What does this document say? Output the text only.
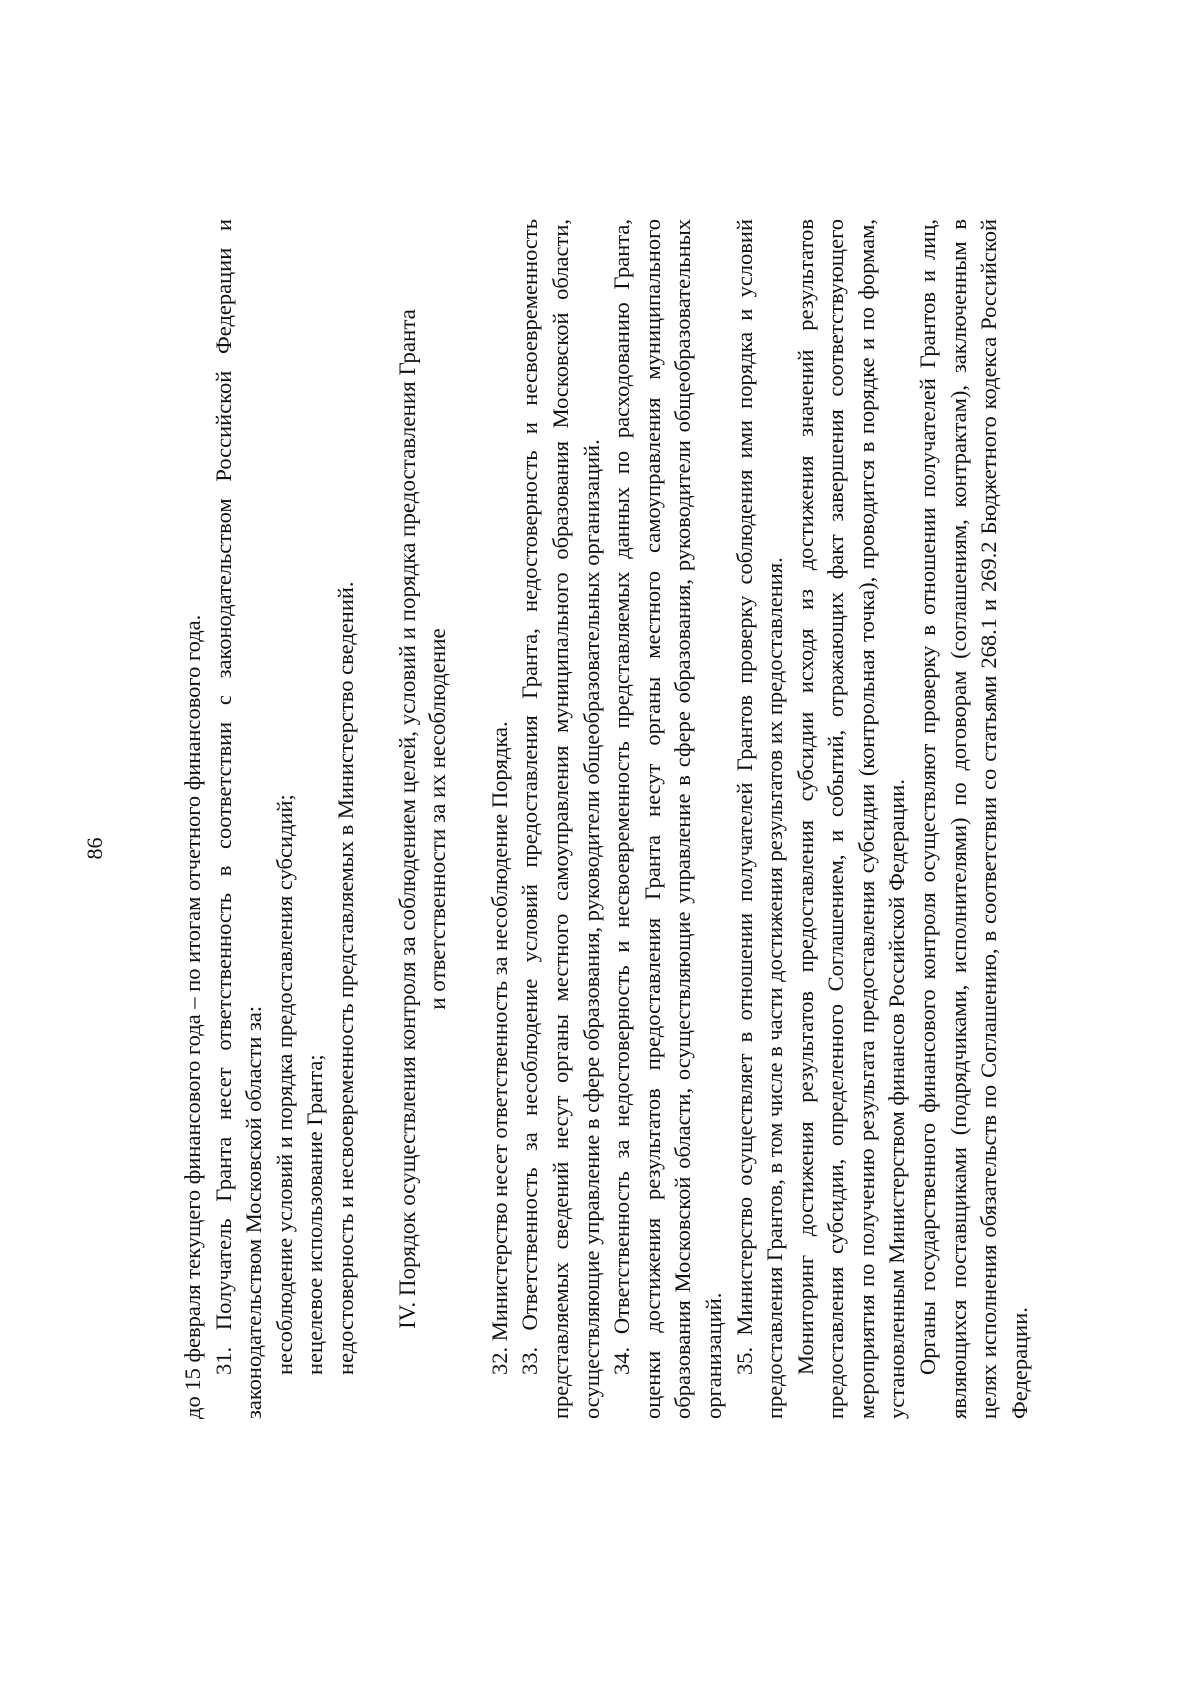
86	до 15 февраля текущего финансового года – по итогам отчетного финансового года. 31. Получатель Гранта несет ответственность в соответствии с законодательством Российской Федерации и законодательством Московской области за: несоблюдение условий и порядка предоставления субсидий; нецелевое использование Гранта; недостоверность и несвоевременность представляемых в Министерство сведений. IV. Порядок осуществления контроля за соблюдением целей, условий и порядка предоставления Гранта и ответственности за их несоблюдение 32. Министерство несет ответственность за несоблюдение Порядка. 33. Ответственность за несоблюдение условий предоставления Гранта, недостоверность и несвоевременность представляемых сведений несут органы местного самоуправления муниципального образования Московской области, осуществляющие управление в сфере образования, руководители общеобразовательных организаций. 34. Ответственность за недостоверность и несвоевременность представляемых данных по расходованию Гранта, оценки достижения результатов предоставления Гранта несут органы местного самоуправления муниципального образования Московской области, осуществляющие управление в сфере образования, руководители общеобразовательных организаций. 35. Министерство осуществляет в отношении получателей Грантов проверку соблюдения ими порядка и условий предоставления Грантов, в том числе в части достижения результатов их предоставления. Мониторинг достижения результатов предоставления субсидии исходя из достижения значений результатов предоставления субсидии, определенного Соглашением, и событий, отражающих факт завершения соответствующего мероприятия по получению результата предоставления субсидии (контрольная точка), проводится в порядке и по формам, установленным Министерством финансов Российской Федерации. Органы государственного финансового контроля осуществляют проверку в отношении получателей Грантов и лиц, являющихся поставщиками (подрядчиками, исполнителями) по договорам (соглашениям, контрактам), заключенным в целях исполнения обязательств по Соглашению, в соответствии со статьями 268.1 и 269.2 Бюджетного кодекса Российской Федерации.
